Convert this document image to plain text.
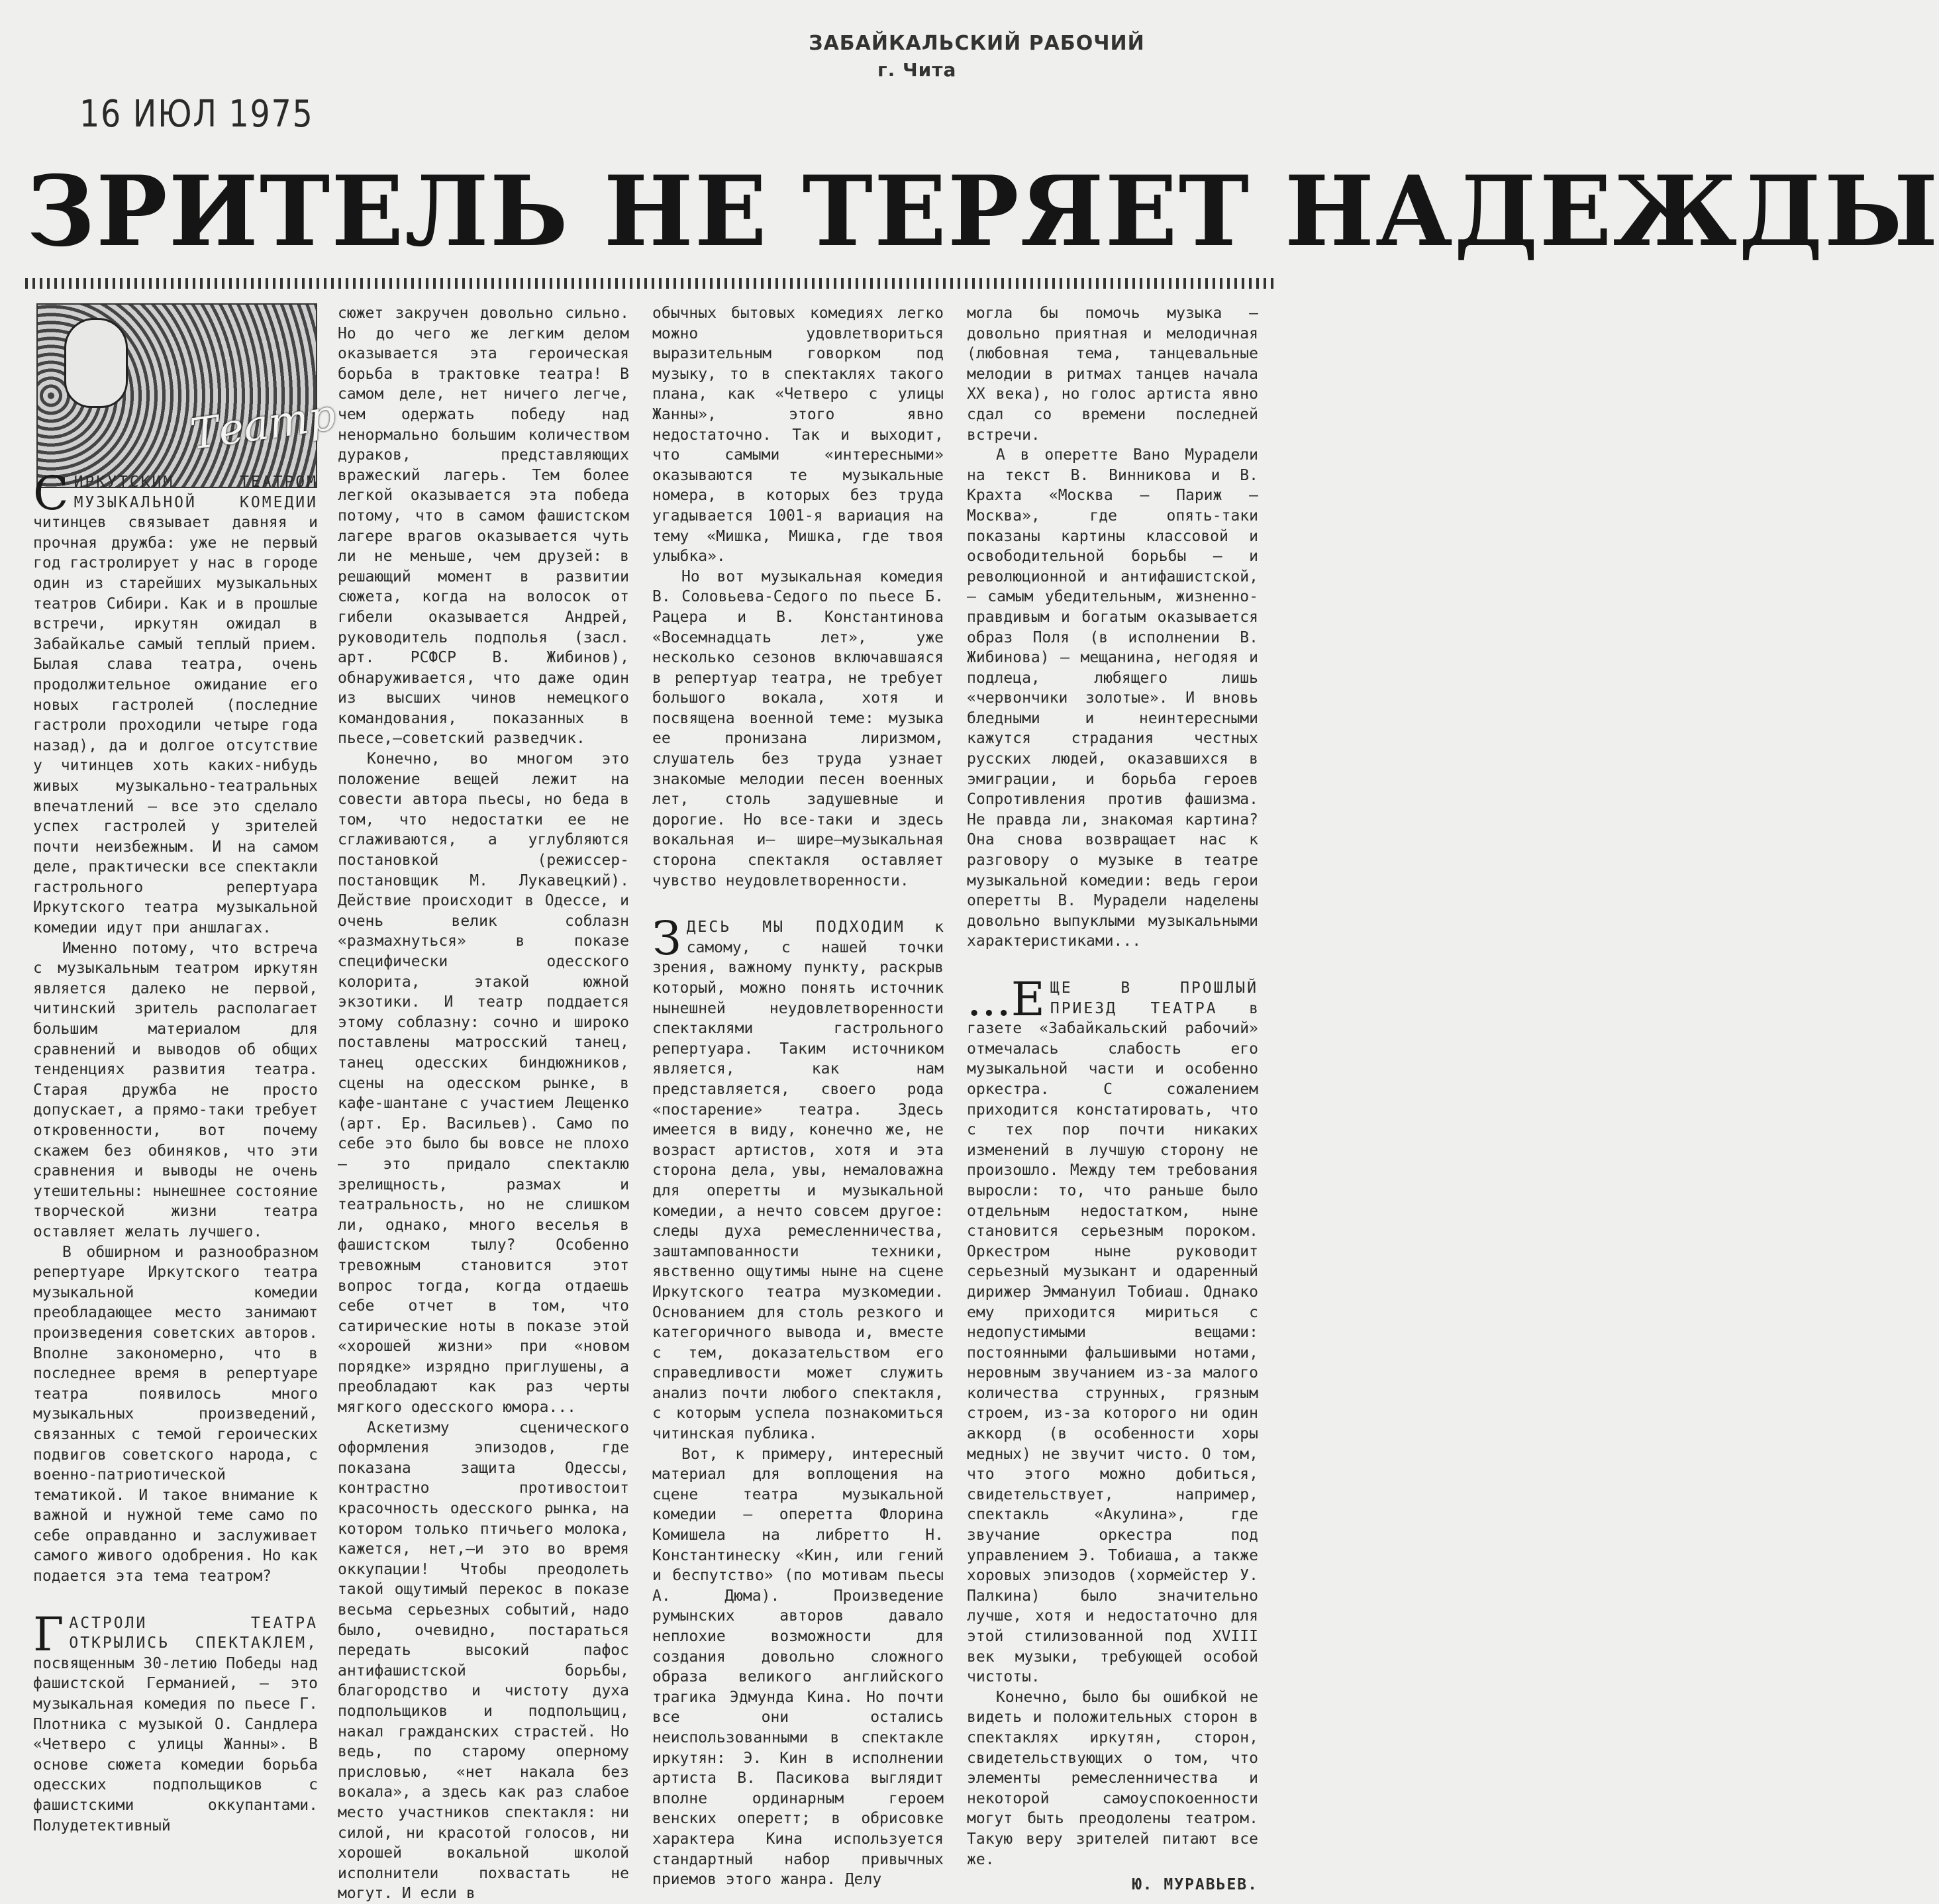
ЗАБАЙКАЛЬСКИЙ РАБОЧИЙ
г. Чита
16 ИЮЛ 1975
ЗРИТЕЛЬ НЕ ТЕРЯЕТ НАДЕЖДЫ
Театр

СИРКУТСКИМ ТЕАТРОМ МУЗЫКАЛЬНОЙ КОМЕДИИ читинцев связывает давняя и прочная дружба: уже не первый год гастролирует у нас в городе один из старейших музыкальных театров Сибири. Как и в прошлые встречи, иркутян ожидал в Забайкалье самый теплый прием. Былая слава театра, очень продолжительное ожидание его новых гастролей (последние гастроли проходили четыре года назад), да и долгое отсутствие у читинцев хоть каких-нибудь живых музыкально-театральных впечатлений — все это сделало успех гастролей у зрителей почти неизбежным. И на самом деле, практически все спектакли гастрольного репертуара Иркутского театра музыкальной комедии идут при аншлагах.

Именно потому, что встреча с музыкальным театром иркутян является далеко не первой, читинский зритель располагает большим материалом для сравнений и выводов об общих тенденциях развития театра. Старая дружба не просто допускает, а прямо-таки требует откровенности, вот почему скажем без обиняков, что эти сравнения и выводы не очень утешительны: нынешнее состояние творческой жизни театра оставляет желать лучшего.

В обширном и разнообразном репертуаре Иркутского театра музыкальной комедии преобладающее место занимают произведения советских авторов. Вполне закономерно, что в последнее время в репертуаре театра появилось много музыкальных произведений, связанных с темой героических подвигов советского народа, с военно-патриотической тематикой. И такое внимание к важной и нужной теме само по себе оправданно и заслуживает самого живого одобрения. Но как подается эта тема театром?

ГАСТРОЛИ ТЕАТРА ОТКРЫЛИСЬ СПЕКТАКЛЕМ, посвященным 30-летию Победы над фашистской Германией, — это музыкальная комедия по пьесе Г. Плотника с музыкой О. Сандлера «Четверо с улицы Жанны». В основе сюжета комедии борьба одесских подпольщиков с фашистскими оккупантами. Полудетективный

сюжет закручен довольно сильно. Но до чего же легким делом оказывается эта героическая борьба в трактовке театра! В самом деле, нет ничего легче, чем одержать победу над ненормально большим количеством дураков, представляющих вражеский лагерь. Тем более легкой оказывается эта победа потому, что в самом фашистском лагере врагов оказывается чуть ли не меньше, чем друзей: в решающий момент в развитии сюжета, когда на волосок от гибели оказывается Андрей, руководитель подполья (засл. арт. РСФСР В. Жибинов), обнаруживается, что даже один из высших чинов немецкого командования, показанных в пьесе,—советский разведчик.

Конечно, во многом это положение вещей лежит на совести автора пьесы, но беда в том, что недостатки ее не сглаживаются, а углубляются постановкой (режиссер-постановщик М. Лукавецкий). Действие происходит в Одессе, и очень велик соблазн «размахнуться» в показе специфически одесского колорита, этакой южной экзотики. И театр поддается этому соблазну: сочно и широко поставлены матросский танец, танец одесских биндюжников, сцены на одесском рынке, в кафе-шантане с участием Лещенко (арт. Ер. Васильев). Само по себе это было бы вовсе не плохо — это придало спектаклю зрелищность, размах и театральность, но не слишком ли, однако, много веселья в фашистском тылу? Особенно тревожным становится этот вопрос тогда, когда отдаешь себе отчет в том, что сатирические ноты в показе этой «хорошей жизни» при «новом порядке» изрядно приглушены, а преобладают как раз черты мягкого одесского юмора...

Аскетизму сценического оформления эпизодов, где показана защита Одессы, контрастно противостоит красочность одесского рынка, на котором только птичьего молока, кажется, нет,—и это во время оккупации! Чтобы преодолеть такой ощутимый перекос в показе весьма серьезных событий, надо было, очевидно, постараться передать высокий пафос антифашистской борьбы, благородство и чистоту духа подпольщиков и подпольщиц, накал гражданских страстей. Но ведь, по старому оперному присловью, «нет накала без вокала», а здесь как раз слабое место участников спектакля: ни силой, ни красотой голосов, ни хорошей вокальной школой исполнители похвастать не могут. И если в

обычных бытовых комедиях легко можно удовлетвориться выразительным говорком под музыку, то в спектаклях такого плана, как «Четверо с улицы Жанны», этого явно недостаточно. Так и выходит, что самыми «интересными» оказываются те музыкальные номера, в которых без труда угадывается 1001-я вариация на тему «Мишка, Мишка, где твоя улыбка».

Но вот музыкальная комедия В. Соловьева-Седого по пьесе Б. Рацера и В. Константинова «Восемнадцать лет», уже несколько сезонов включавшаяся в репертуар театра, не требует большого вокала, хотя и посвящена военной теме: музыка ее пронизана лиризмом, слушатель без труда узнает знакомые мелодии песен военных лет, столь задушевные и дорогие. Но все-таки и здесь вокальная и— шире—музыкальная сторона спектакля оставляет чувство неудовлетворенности.

ЗДЕСЬ МЫ ПОДХОДИМ к самому, с нашей точки зрения, важному пункту, раскрыв который, можно понять источник нынешней неудовлетворенности спектаклями гастрольного репертуара. Таким источником является, как нам представляется, своего рода «постарение» театра. Здесь имеется в виду, конечно же, не возраст артистов, хотя и эта сторона дела, увы, немаловажна для оперетты и музыкальной комедии, а нечто совсем другое: следы духа ремесленничества, заштампованности техники, явственно ощутимы ныне на сцене Иркутского театра музкомедии. Основанием для столь резкого и категоричного вывода и, вместе с тем, доказательством его справедливости может служить анализ почти любого спектакля, с которым успела познакомиться читинская публика.

Вот, к примеру, интересный материал для воплощения на сцене театра музыкальной комедии — оперетта Флорина Комишела на либретто Н. Константинеску «Кин, или гений и беспутство» (по мотивам пьесы А. Дюма). Произведение румынских авторов давало неплохие возможности для создания довольно сложного образа великого английского трагика Эдмунда Кина. Но почти все они остались неиспользованными в спектакле иркутян: Э. Кин в исполнении артиста В. Пасикова выглядит вполне ординарным героем венских оперетт; в обрисовке характера Кина используется стандартный набор привычных приемов этого жанра. Делу

могла бы помочь музыка — довольно приятная и мелодичная (любовная тема, танцевальные мелодии в ритмах танцев начала XX века), но голос артиста явно сдал со времени последней встречи.

А в оперетте Вано Мурадели на текст В. Винникова и В. Крахта «Москва — Париж — Москва», где опять-таки показаны картины классовой и освободительной борьбы — и революционной и антифашистской, — самым убедительным, жизненно-правдивым и богатым оказывается образ Поля (в исполнении В. Жибинова) — мещанина, негодяя и подлеца, любящего лишь «червончики золотые». И вновь бледными и неинтересными кажутся страдания честных русских людей, оказавшихся в эмиграции, и борьба героев Сопротивления против фашизма. Не правда ли, знакомая картина? Она снова возвращает нас к разговору о музыке в театре музыкальной комедии: ведь герои оперетты В. Мурадели наделены довольно выпуклыми музыкальными характеристиками...

...Е ЩЕ В ПРОШЛЫЙ ПРИЕЗД ТЕАТРА в газете «Забайкальский рабочий» отмечалась слабость его музыкальной части и особенно оркестра. С сожалением приходится констатировать, что с тех пор почти никаких изменений в лучшую сторону не произошло. Между тем требования выросли: то, что раньше было отдельным недостатком, ныне становится серьезным пороком. Оркестром ныне руководит серьезный музыкант и одаренный дирижер Эммануил Тобиаш. Однако ему приходится мириться с недопустимыми вещами: постоянными фальшивыми нотами, неровным звучанием из-за малого количества струнных, грязным строем, из-за которого ни один аккорд (в особенности хоры медных) не звучит чисто. О том, что этого можно добиться, свидетельствует, например, спектакль «Акулина», где звучание оркестра под управлением Э. Тобиаша, а также хоровых эпизодов (хормейстер У. Палкина) было значительно лучше, хотя и недостаточно для этой стилизованной под XVIII век музыки, требующей особой чистоты.

Конечно, было бы ошибкой не видеть и положительных сторон в спектаклях иркутян, сторон, свидетельствующих о том, что элементы ремесленничества и некоторой самоуспокоенности могут быть преодолены театром. Такую веру зрителей питают все же.

Ю. МУРАВЬЕВ.
